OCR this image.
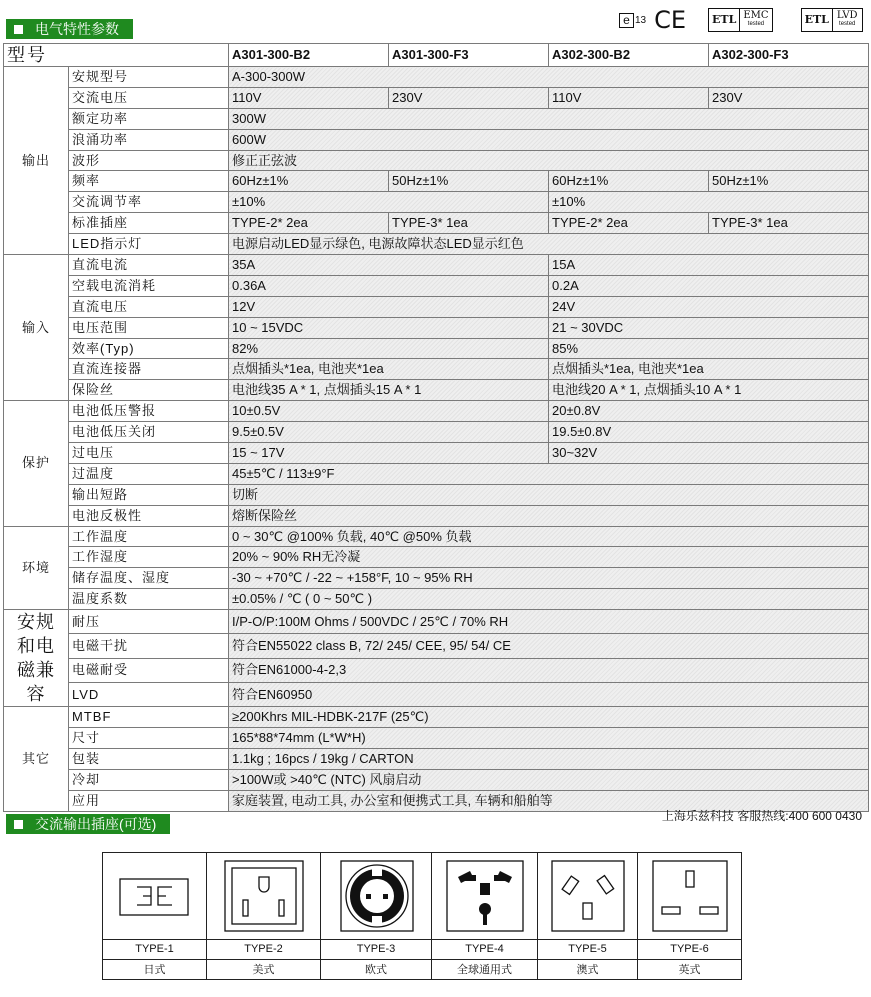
电气特性参数
e 13 CE ETL EMC
tested	ETL LVD
tested
型号		A301-300-B2	A301-300-F3	A302-300-B2	A302-300-F3
输出	安规型号	A-300-300W			
	交流电压	110V	230V	110V	230V
	额定功率	300W			
	浪涌功率	600W			
	波形	修正正弦波			
	频率	60Hz±1%	50Hz±1%	60Hz±1%	50Hz±1%
	交流调节率	±10%		±10%	
	标准插座	TYPE-2* 2ea	TYPE-3* 1ea	TYPE-2* 2ea	TYPE-3* 1ea
	LED指示灯	电源启动LED显示绿色, 电源故障状态LED显示红色			
输入	直流电流	35A		15A	
	空载电流消耗	0.36A		0.2A	
	直流电压	12V		24V	
	电压范围	10 ~ 15VDC		21 ~ 30VDC	
	效率(Typ)	82%		85%	
	直流连接器	点烟插头*1ea, 电池夹*1ea		点烟插头*1ea, 电池夹*1ea	
	保险丝	电池线35 A * 1, 点烟插头15 A * 1		电池线20 A * 1, 点烟插头10 A * 1	
保护	电池低压警报	10±0.5V		20±0.8V	
	电池低压关闭	9.5±0.5V		19.5±0.8V	
	过电压	15 ~ 17V		30~32V	
	过温度	45±5℃ / 113±9°F			
	输出短路	切断			
	电池反极性	熔断保险丝			
环境	工作温度	0 ~ 30℃ @100% 负载, 40℃ @50% 负载			
	工作湿度	20% ~ 90% RH无冷凝			
	储存温度、湿度	-30 ~ +70℃ / -22 ~ +158°F, 10 ~ 95% RH			
	温度系数	±0.05% / ℃ ( 0 ~ 50℃ )			
安规和电磁兼容	耐压	I/P-O/P:100M Ohms / 500VDC / 25℃ / 70% RH			
	电磁干扰	符合EN55022 class B, 72/ 245/ CEE, 95/ 54/ CE			
	电磁耐受	符合EN61000-4-2,3			
	LVD	符合EN60950			
其它	MTBF	≥200Khrs MIL-HDBK-217F (25℃)			
	尺寸	165*88*74mm (L*W*H)			
	包装	1.1kg ; 16pcs / 19kg / CARTON			
	冷却	>100W或 >40℃ (NTC) 风扇启动			
	应用	家庭装置, 电动工具, 办公室和便携式工具, 车辆和船舶等			
交流输出插座(可选)	上海乐兹科技 客服热线:400 600 0430
TYPE-1
日式
TYPE-2
美式
TYPE-3
欧式
TYPE-4
全球通用式
TYPE-5
澳式
TYPE-6
英式
